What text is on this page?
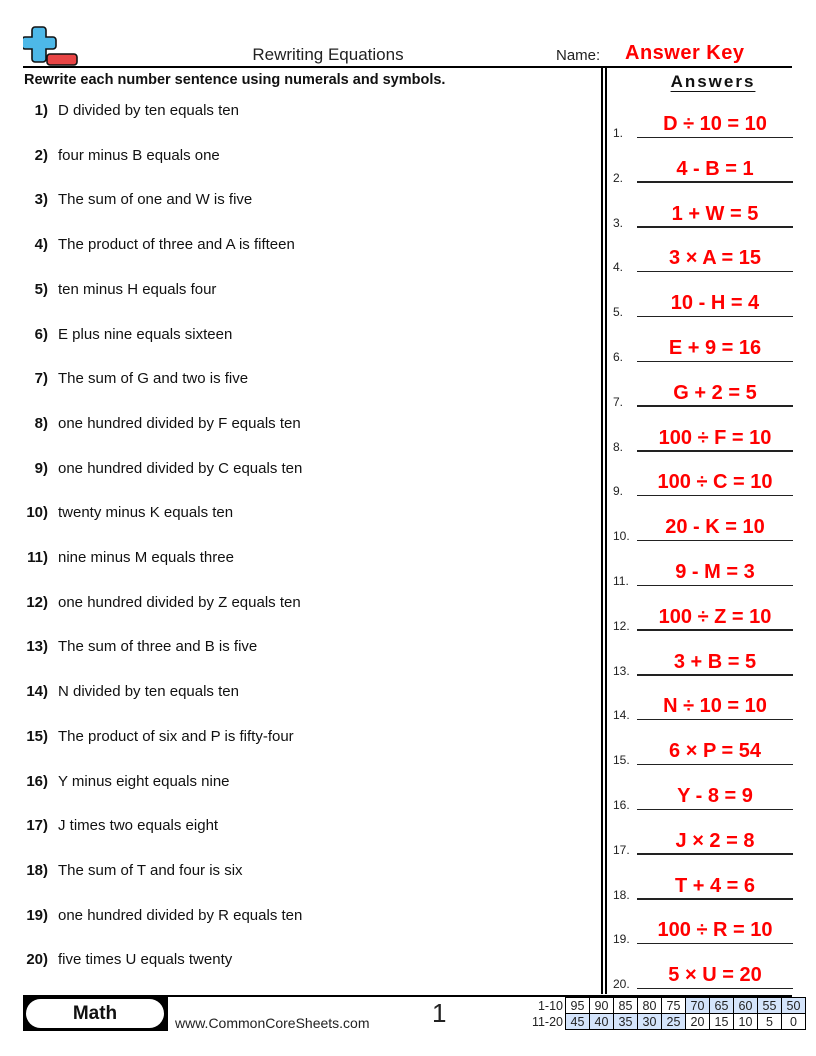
Rewriting Equations	Name: Answer Key
Rewrite each number sentence using numerals and symbols.	Answers
1) D divided by ten equals ten
2) four minus B equals one
3) The sum of one and W is five
4) The product of three and A is fifteen
5) ten minus H equals four
6) E plus nine equals sixteen
7) The sum of G and two is five
8) one hundred divided by F equals ten
9) one hundred divided by C equals ten
10) twenty minus K equals ten
11) nine minus M equals three
12) one hundred divided by Z equals ten
13) The sum of three and B is five
14) N divided by ten equals ten
15) The product of six and P is fifty-four
16) Y minus eight equals nine
17) J times two equals eight
18) The sum of T and four is six
19) one hundred divided by R equals ten
20) five times U equals twenty
1.	D ÷ 10 = 10
2.	4 - B = 1
3.	1 + W = 5
4.	3 × A = 15
5.	10 - H = 4
6.	E + 9 = 16
7.	G + 2 = 5
8.	100 ÷ F = 10
9.	100 ÷ C = 10
10.	20 - K = 10
11.	9 - M = 3
12.	100 ÷ Z = 10
13.	3 + B = 5
14.	N ÷ 10 = 10
15.	6 × P = 54
16.	Y - 8 = 9
17.	J × 2 = 8
18.	T + 4 = 6
19.	100 ÷ R = 10
20.	5 × U = 20
Math	www.CommonCoreSheets.com 1	1-10	95	90	85	80	75	70	65	60	55	50
11-20	45	40	35	30	25	20	15	10	5	0
